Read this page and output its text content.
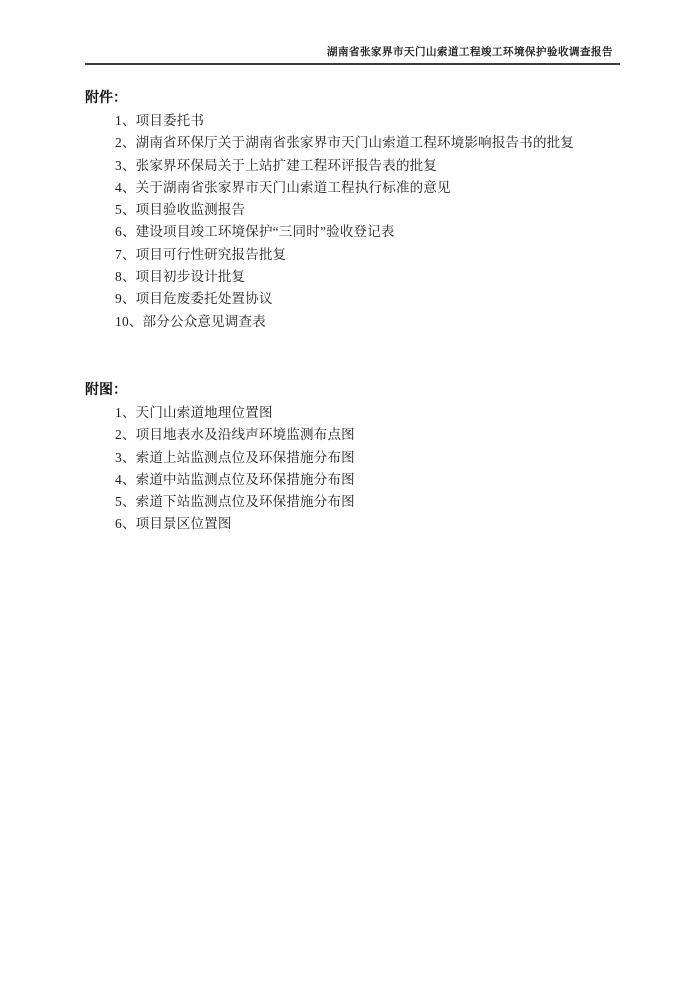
湖南省张家界市天门山索道工程竣工环境保护验收调查报告
附件：
1、项目委托书
2、湖南省环保厅关于湖南省张家界市天门山索道工程环境影响报告书的批复
3、张家界环保局关于上站扩建工程环评报告表的批复
4、关于湖南省张家界市天门山索道工程执行标准的意见
5、项目验收监测报告
6、建设项目竣工环境保护“三同时”验收登记表
7、项目可行性研究报告批复
8、项目初步设计批复
9、项目危废委托处置协议
10、部分公众意见调查表
附图：
1、天门山索道地理位置图
2、项目地表水及沿线声环境监测布点图
3、索道上站监测点位及环保措施分布图
4、索道中站监测点位及环保措施分布图
5、索道下站监测点位及环保措施分布图
6、项目景区位置图
